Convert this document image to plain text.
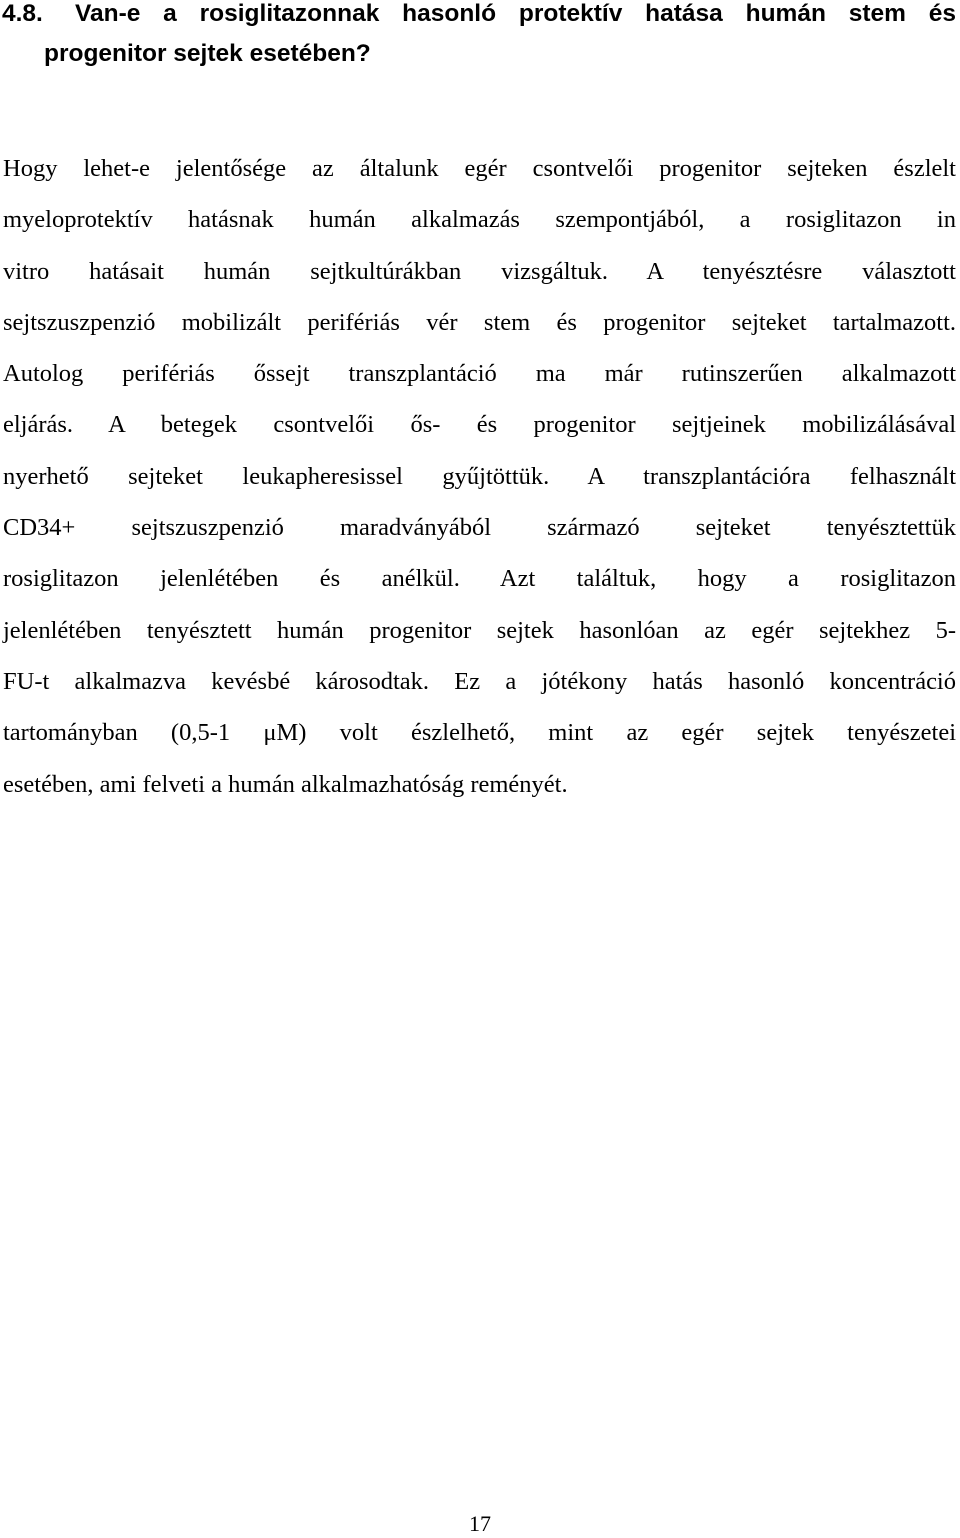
4.8. Van-e a rosiglitazonnak hasonló protektív hatása humán stem és
progenitor sejtek esetében?
Hogy lehet-e jelentősége az általunk egér csontvelői progenitor sejteken észlelt
myeloprotektív hatásnak humán alkalmazás szempontjából, a rosiglitazon in
vitro hatásait humán sejtkultúrákban vizsgáltuk. A tenyésztésre választott
sejtszuszpenzió mobilizált perifériás vér stem és progenitor sejteket tartalmazott.
Autolog perifériás őssejt transzplantáció ma már rutinszerűen alkalmazott
eljárás. A betegek csontvelői ős- és progenitor sejtjeinek mobilizálásával
nyerhető sejteket leukapheresissel gyűjtöttük. A transzplantációra felhasznált
CD34+ sejtszuszpenzió maradványából származó sejteket tenyésztettük
rosiglitazon jelenlétében és anélkül. Azt találtuk, hogy a rosiglitazon
jelenlétében tenyésztett humán progenitor sejtek hasonlóan az egér sejtekhez 5-
FU-t alkalmazva kevésbé károsodtak. Ez a jótékony hatás hasonló koncentráció
tartományban (0,5-1 μM) volt észlelhető, mint az egér sejtek tenyészetei
esetében, ami felveti a humán alkalmazhatóság reményét.
17
